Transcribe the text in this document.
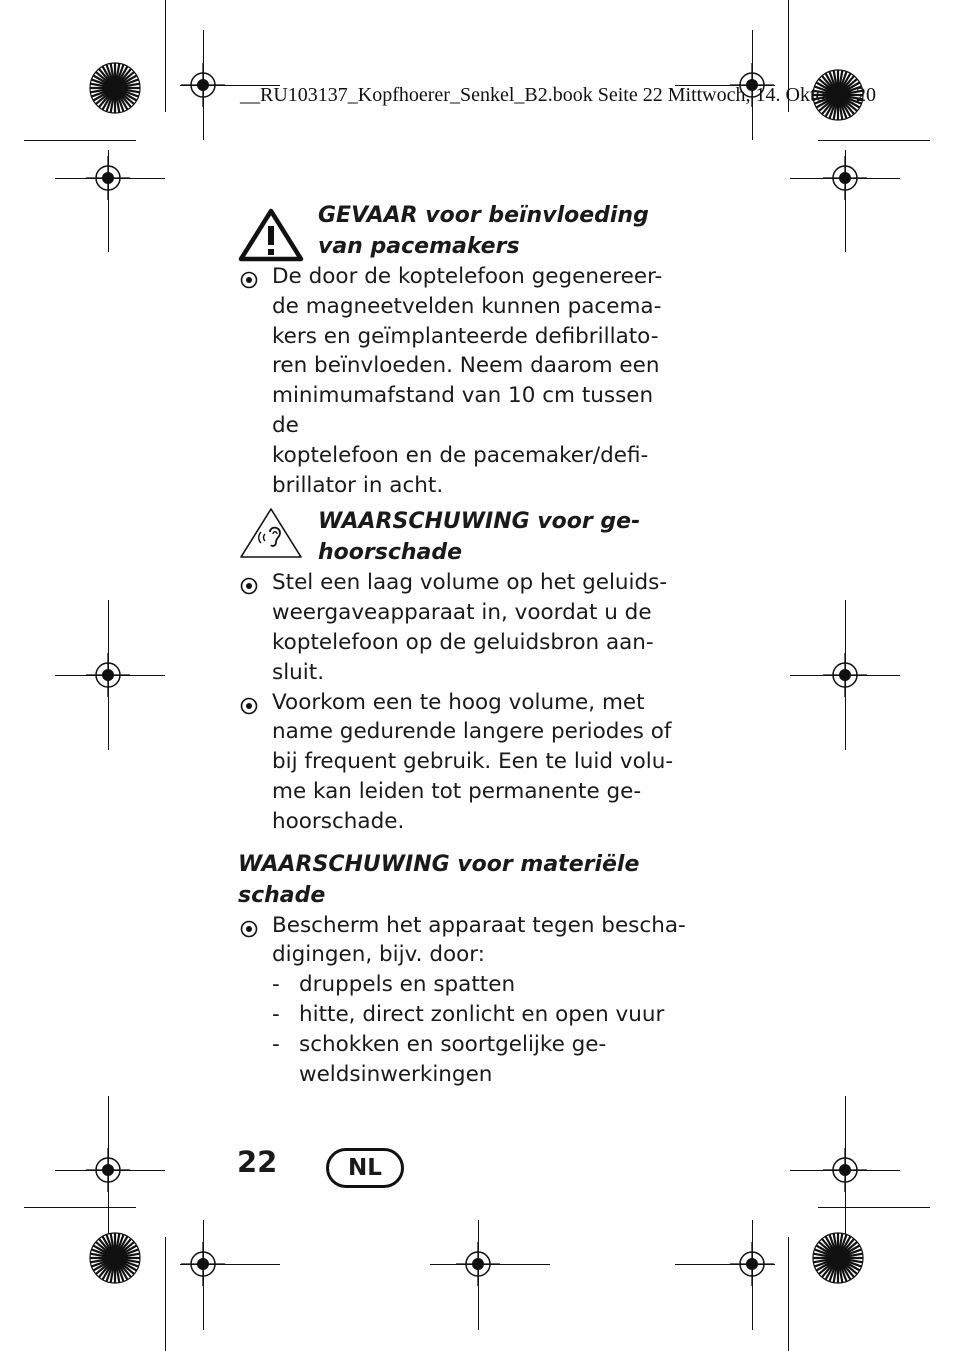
__RU103137_Kopfhoerer_Senkel_B2.book Seite 22 Mittwoch, 14. Oktober 20
GEVAAR voor beïnvloeding
van pacemakers
De door de koptelefoon gegenereer-
de magneetvelden kunnen pacema-
kers en geïmplanteerde defibrillato-
ren beïnvloeden. Neem daarom een
minimumafstand van 10 cm tussen de
koptelefoon en de pacemaker/defi-
brillator in acht.
WAARSCHUWING voor ge-
hoorschade
Stel een laag volume op het geluids-
weergaveapparaat in, voordat u de
koptelefoon op de geluidsbron aan-
sluit.
Voorkom een te hoog volume, met
name gedurende langere periodes of
bij frequent gebruik. Een te luid volu-
me kan leiden tot permanente ge-
hoorschade.
WAARSCHUWING voor materiële
schade
Bescherm het apparaat tegen bescha-
digingen, bijv. door:
- druppels en spatten
- hitte, direct zonlicht en open vuur
- schokken en soortgelijke ge-
weldsinwerkingen
22	NL
